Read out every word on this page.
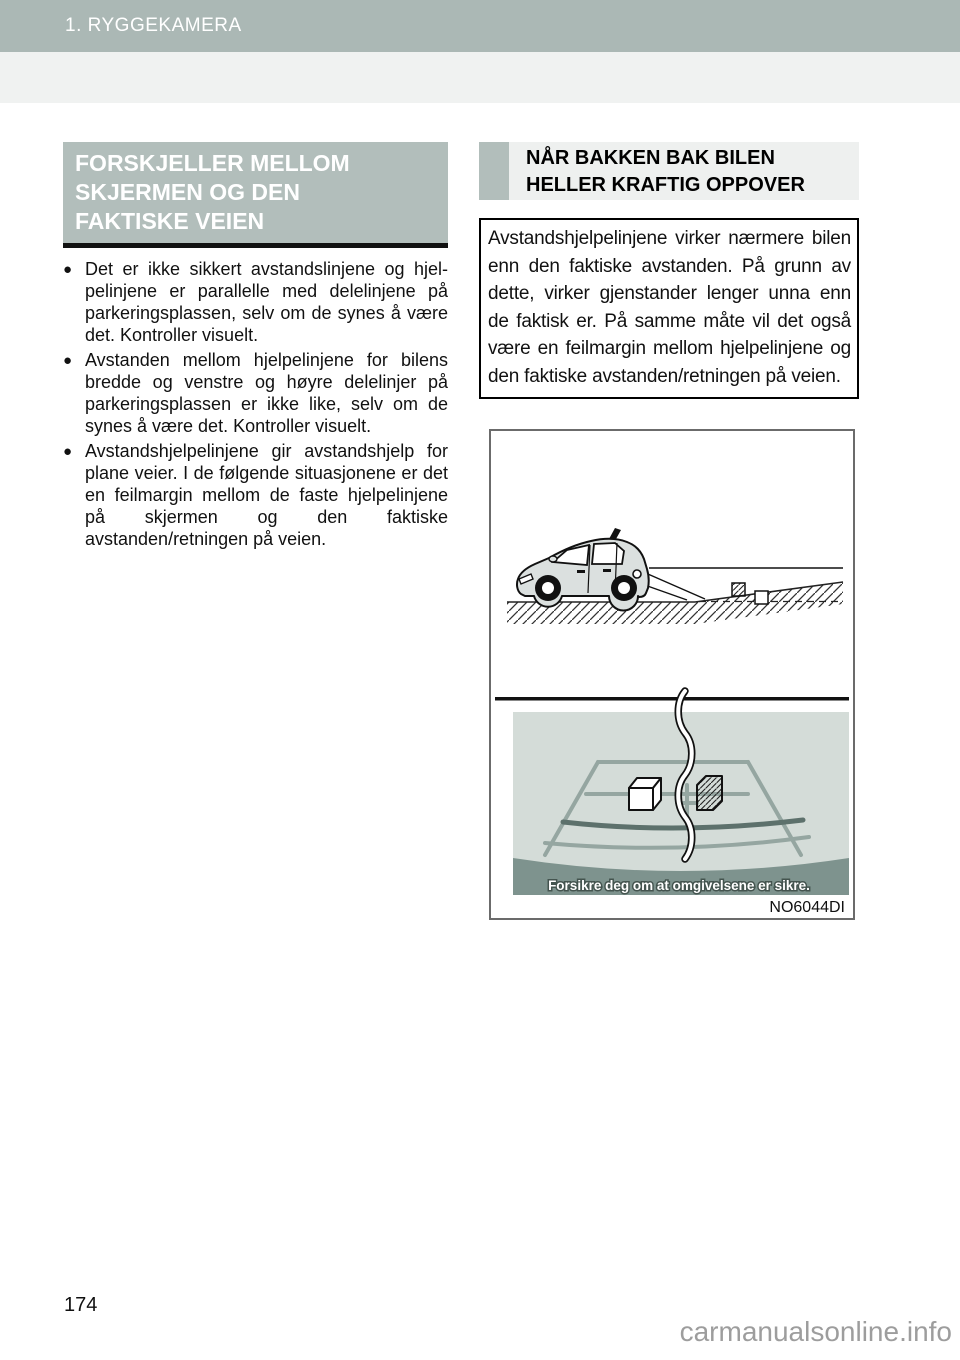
1. RYGGEKAMERA
FORSKJELLER MELLOM
SKJERMEN OG DEN
FAKTISKE VEIEN
● Det er ikke sikkert avstandslinjene og hjelpelinjene er parallelle med delelinjene på parkeringsplassen, selv om de synes å være det. Kontroller visuelt.
● Avstanden mellom hjelpelinjene for bilens bredde og venstre og høyre delelinjer på parkeringsplassen er ikke like, selv om de synes å være det. Kontroller visuelt.
● Avstandshjelpelinjene gir avstandshjelp for plane veier. I de følgende situasjonene er det en feilmargin mellom de faste hjelpelinjene på skjermen og den faktiske avstanden/retningen på veien.
NÅR BAKKEN BAK BILEN
HELLER KRAFTIG OPPOVER

Avstandshjelpelinjene virker nærmere bilen enn den faktiske avstanden. På grunn av dette, virker gjenstander lenger unna enn de faktisk er. På samme måte vil det også være en feilmargin mellom hjelpelinjene og den faktiske avstanden/retningen på veien.

Forsikre deg om at omgivelsene er sikre.
NO6044DI
174
carmanualsonline.info
